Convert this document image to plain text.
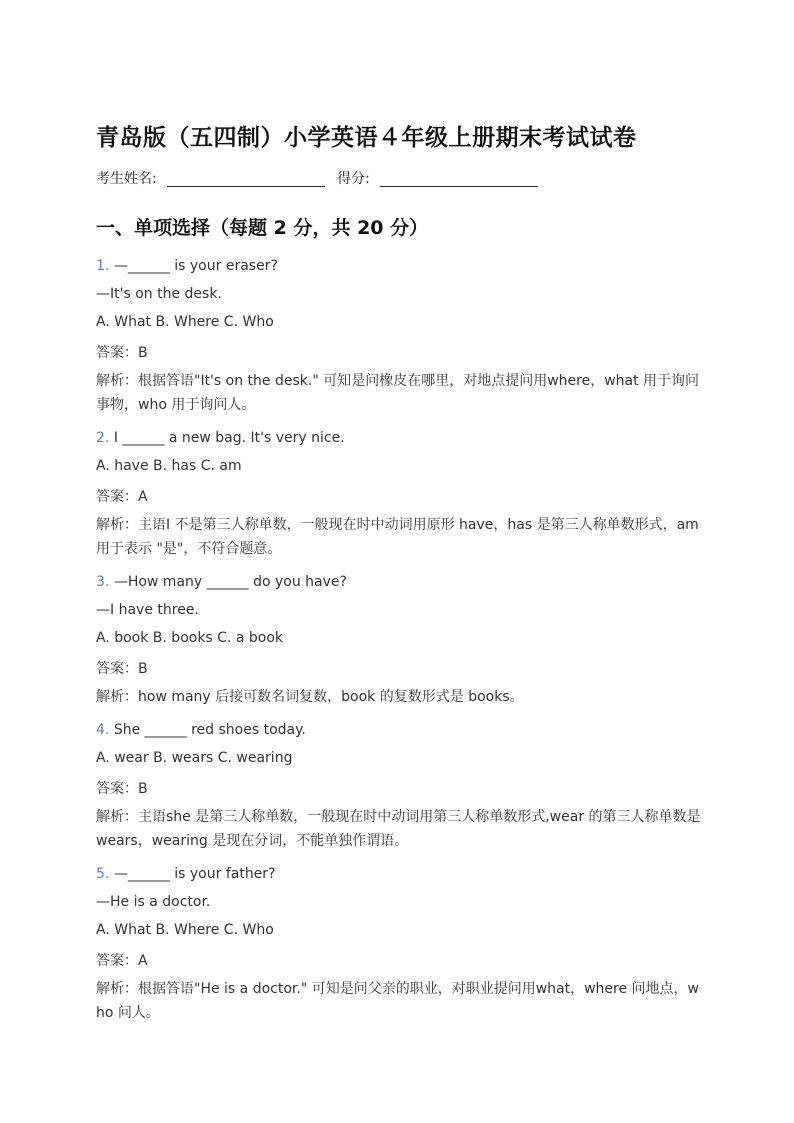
青岛版（五四制）小学英语４年级上册期末考试试卷
考生姓名:	得分:
一、单项选择（每题 2 分，共 20 分）
1. —______ is your eraser?
—It's on the desk.
A. What B. Where C. Who
答案：B
解析：根据答语"It's on the desk." 可知是问橡皮在哪里，对地点提问用where，what 用于询问事物，who 用于询问人。
2. I ______ a new bag. It's very nice.
A. have B. has C. am
答案：A
解析：主语I 不是第三人称单数，一般现在时中动词用原形 have，has 是第三人称单数形式，am 用于表示 "是"，不符合题意。
3. —How many ______ do you have?
—I have three.
A. book B. books C. a book
答案：B
解析：how many 后接可数名词复数，book 的复数形式是 books。
4. She ______ red shoes today.
A. wear B. wears C. wearing
答案：B
解析：主语she 是第三人称单数，一般现在时中动词用第三人称单数形式,wear 的第三人称单数是 wears，wearing 是现在分词，不能单独作谓语。
5. —______ is your father?
—He is a doctor.
A. What B. Where C. Who
答案：A
解析：根据答语"He is a doctor." 可知是问父亲的职业，对职业提问用what，where 问地点，who 问人。
